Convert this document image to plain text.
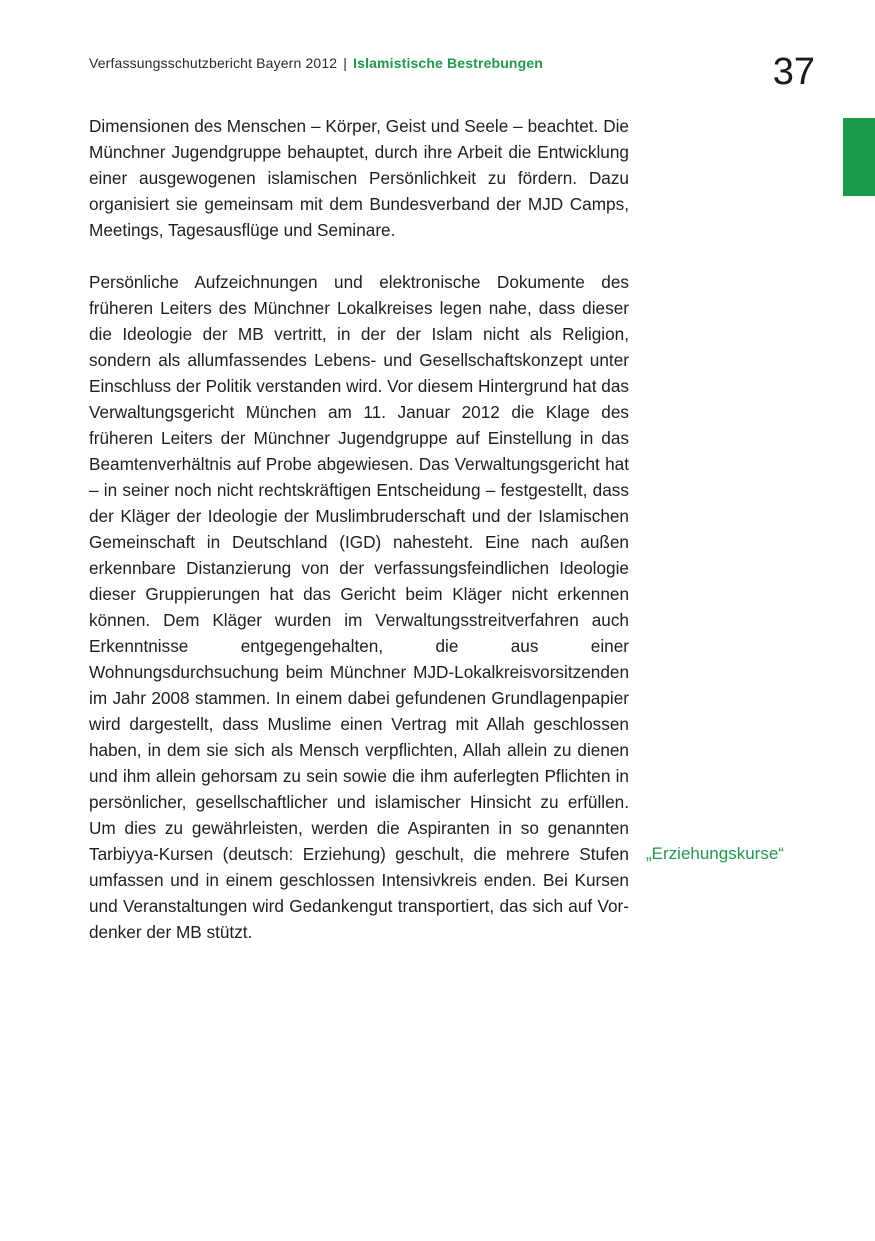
Verfassungsschutzbericht Bayern 2012 | Islamistische Bestrebungen	37

Dimensionen des Menschen – Körper, Geist und Seele – beachtet. Die Münchner Jugendgruppe behauptet, durch ihre Arbeit die Entwicklung einer ausgewogenen islamischen Persönlichkeit zu fördern. Dazu organisiert sie gemeinsam mit dem Bundesverband der MJD Camps, Meetings, Tagesausflüge und Seminare.

Persönliche Aufzeichnungen und elektronische Dokumente des früheren Leiters des Münchner Lokalkreises legen nahe, dass dieser die Ideologie der MB vertritt, in der der Islam nicht als Religion, sondern als allumfassendes Lebens- und Gesellschaftskonzept unter Einschluss der Politik verstanden wird. Vor diesem Hintergrund hat das Verwaltungsgericht München am 11. Januar 2012 die Klage des früheren Leiters der Münchner Jugendgruppe auf Einstellung in das Beamtenverhältnis auf Probe abgewiesen. Das Verwaltungsgericht hat – in seiner noch nicht rechtskräftigen Entscheidung – festgestellt, dass der Kläger der Ideologie der Muslimbruderschaft und der Islamischen Gemeinschaft in Deutschland (IGD) nahesteht. Eine nach außen erkennbare Distanzierung von der verfassungsfeindlichen Ideologie dieser Gruppierungen hat das Gericht beim Kläger nicht erkennen können. Dem Kläger wurden im Verwaltungsstreitverfahren auch Erkenntnisse entgegengehalten, die aus einer Wohnungsdurchsuchung beim Münchner MJD-Lokalkreisvorsitzenden im Jahr 2008 stammen. In einem dabei gefundenen Grundlagenpapier wird dargestellt, dass Muslime einen Vertrag mit Allah geschlossen haben, in dem sie sich als Mensch verpflichten, Allah allein zu dienen und ihm allein gehorsam zu sein sowie die ihm auferlegten Pflichten in persönlicher, gesellschaftlicher und islamischer Hinsicht zu erfüllen. Um dies zu gewährleisten, werden die Aspiranten in so genannten Tarbiyya-Kursen (deutsch: Erziehung) geschult, die mehrere Stufen umfassen und in einem geschlossen Intensivkreis enden. Bei Kursen und Veranstaltungen wird Gedankengut transportiert, das sich auf Vordenker der MB stützt.

„Erziehungskurse“
